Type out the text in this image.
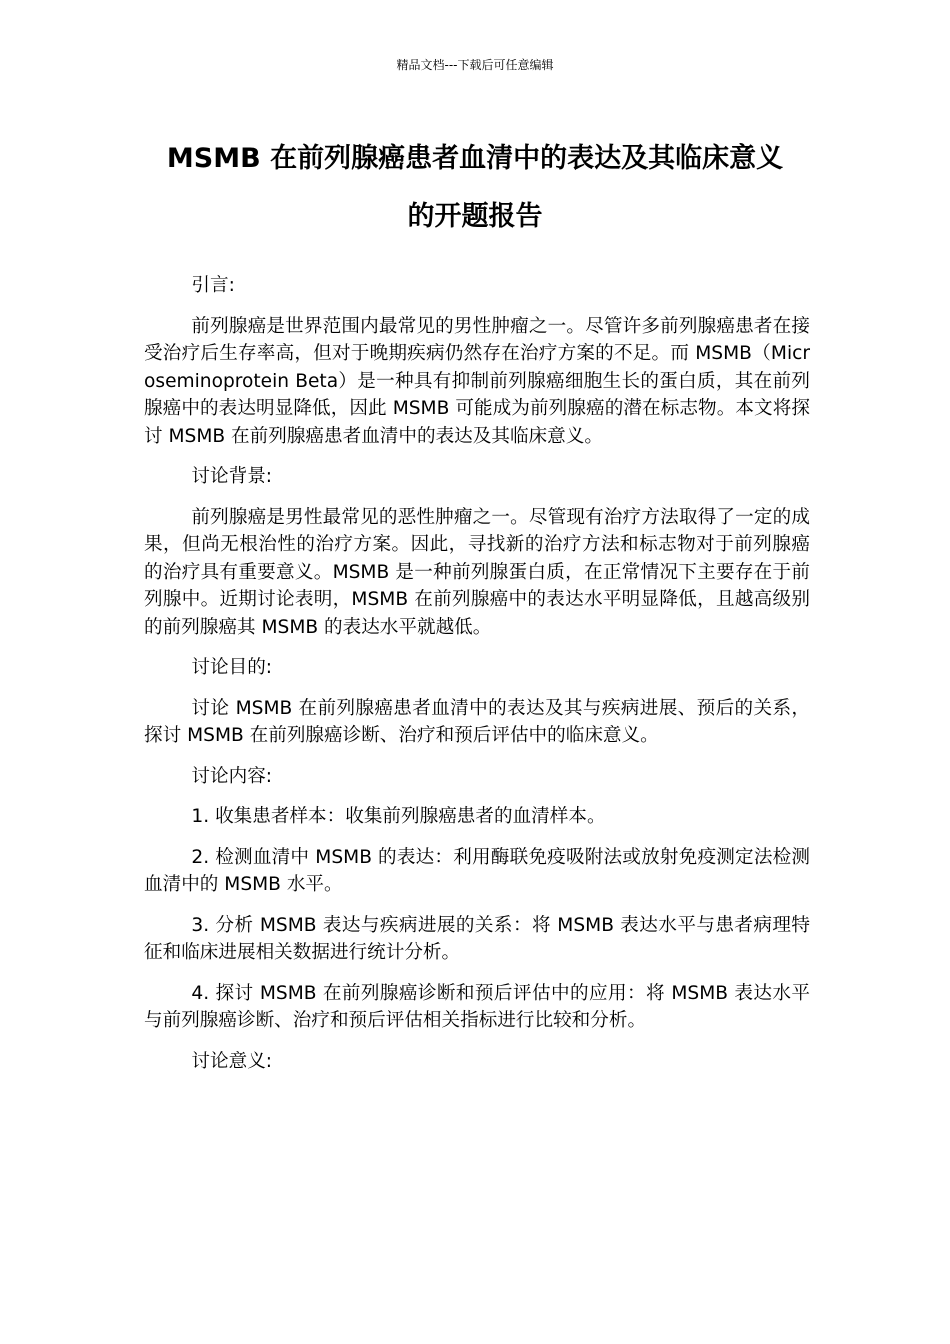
精品文档---下载后可任意编辑
MSMB 在前列腺癌患者血清中的表达及其临床意义
的开题报告

引言:

前列腺癌是世界范围内最常见的男性肿瘤之一。尽管许多前列腺癌患者在接受治疗后生存率高，但对于晚期疾病仍然存在治疗方案的不足。而 MSMB（Microseminoprotein Beta）是一种具有抑制前列腺癌细胞生长的蛋白质，其在前列腺癌中的表达明显降低，因此 MSMB 可能成为前列腺癌的潜在标志物。本文将探讨 MSMB 在前列腺癌患者血清中的表达及其临床意义。

讨论背景:

前列腺癌是男性最常见的恶性肿瘤之一。尽管现有治疗方法取得了一定的成果，但尚无根治性的治疗方案。因此，寻找新的治疗方法和标志物对于前列腺癌的治疗具有重要意义。MSMB 是一种前列腺蛋白质，在正常情况下主要存在于前列腺中。近期讨论表明，MSMB 在前列腺癌中的表达水平明显降低，且越高级别的前列腺癌其 MSMB 的表达水平就越低。

讨论目的:

讨论 MSMB 在前列腺癌患者血清中的表达及其与疾病进展、预后的关系，探讨 MSMB 在前列腺癌诊断、治疗和预后评估中的临床意义。

讨论内容:

1. 收集患者样本：收集前列腺癌患者的血清样本。

2. 检测血清中 MSMB 的表达：利用酶联免疫吸附法或放射免疫测定法检测血清中的 MSMB 水平。

3. 分析 MSMB 表达与疾病进展的关系：将 MSMB 表达水平与患者病理特征和临床进展相关数据进行统计分析。

4. 探讨 MSMB 在前列腺癌诊断和预后评估中的应用：将 MSMB 表达水平与前列腺癌诊断、治疗和预后评估相关指标进行比较和分析。

讨论意义:
